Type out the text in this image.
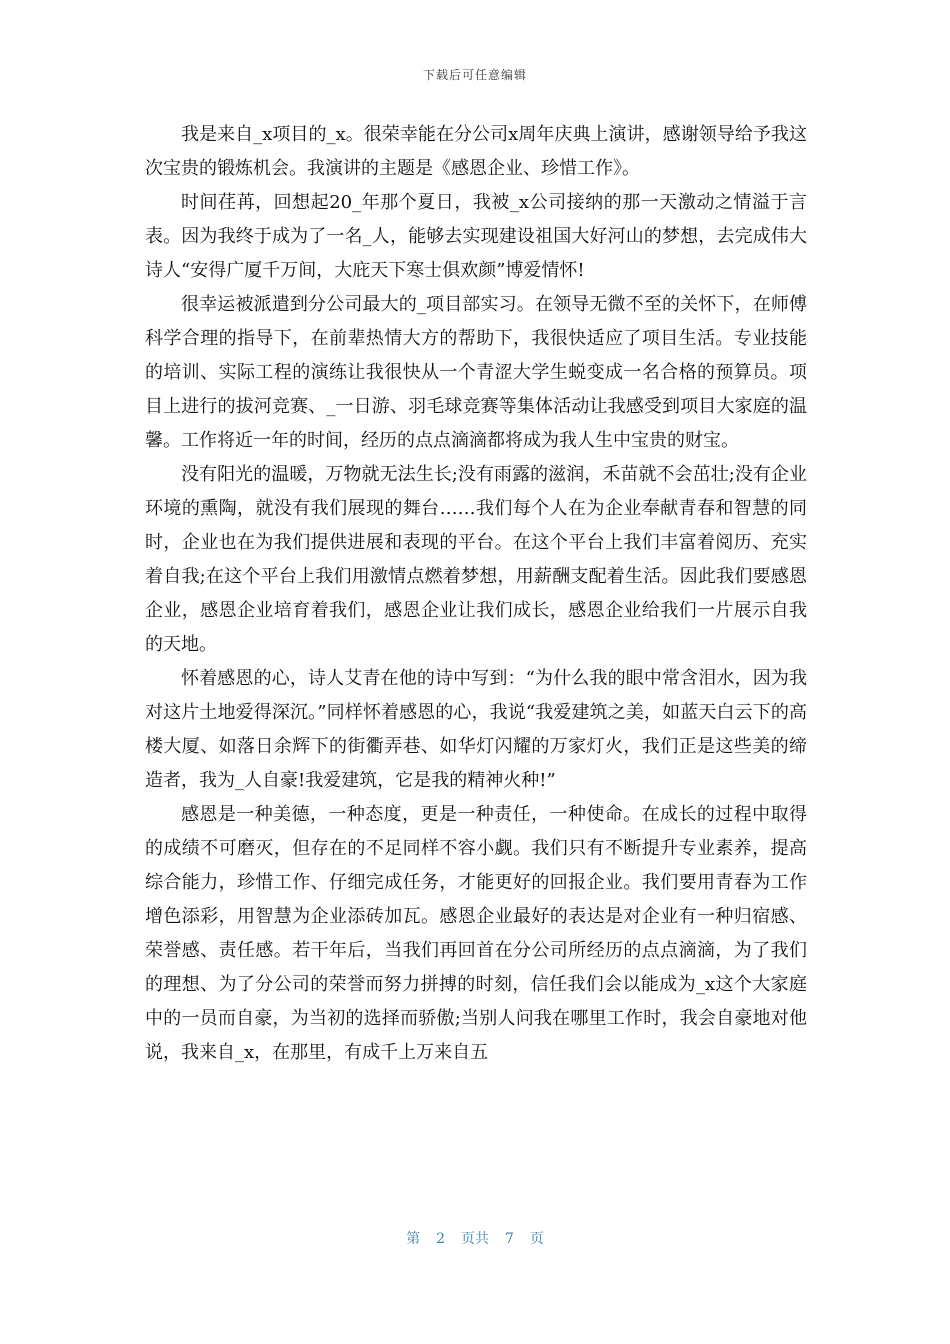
下载后可任意编辑

我是来自_x项目的_x。很荣幸能在分公司x周年庆典上演讲，感谢领导给予我这次宝贵的锻炼机会。我演讲的主题是《感恩企业、珍惜工作》。

时间荏苒，回想起20_年那个夏日，我被_x公司接纳的那一天激动之情溢于言表。因为我终于成为了一名_人，能够去实现建设祖国大好河山的梦想，去完成伟大诗人“安得广厦千万间，大庇天下寒士俱欢颜”博爱情怀!

很幸运被派遣到分公司最大的_项目部实习。在领导无微不至的关怀下，在师傅科学合理的指导下，在前辈热情大方的帮助下，我很快适应了项目生活。专业技能的培训、实际工程的演练让我很快从一个青涩大学生蜕变成一名合格的预算员。项目上进行的拔河竞赛、_一日游、羽毛球竞赛等集体活动让我感受到项目大家庭的温馨。工作将近一年的时间，经历的点点滴滴都将成为我人生中宝贵的财宝。

没有阳光的温暖，万物就无法生长;没有雨露的滋润，禾苗就不会茁壮;没有企业环境的熏陶，就没有我们展现的舞台……我们每个人在为企业奉献青春和智慧的同时，企业也在为我们提供进展和表现的平台。在这个平台上我们丰富着阅历、充实着自我;在这个平台上我们用激情点燃着梦想，用薪酬支配着生活。因此我们要感恩企业，感恩企业培育着我们，感恩企业让我们成长，感恩企业给我们一片展示自我的天地。

怀着感恩的心，诗人艾青在他的诗中写到：“为什么我的眼中常含泪水，因为我对这片土地爱得深沉。”同样怀着感恩的心，我说“我爱建筑之美，如蓝天白云下的高楼大厦、如落日余辉下的街衢弄巷、如华灯闪耀的万家灯火，我们正是这些美的缔造者，我为_人自豪!我爱建筑，它是我的精神火种!”

感恩是一种美德，一种态度，更是一种责任，一种使命。在成长的过程中取得的成绩不可磨灭，但存在的不足同样不容小觑。我们只有不断提升专业素养，提高综合能力，珍惜工作、仔细完成任务，才能更好的回报企业。我们要用青春为工作增色添彩，用智慧为企业添砖加瓦。感恩企业最好的表达是对企业有一种归宿感、荣誉感、责任感。若干年后，当我们再回首在分公司所经历的点点滴滴，为了我们的理想、为了分公司的荣誉而努力拼搏的时刻，信任我们会以能成为_x这个大家庭中的一员而自豪，为当初的选择而骄傲;当别人问我在哪里工作时，我会自豪地对他说，我来自_x，在那里，有成千上万来自五

第 2 页共 7 页
